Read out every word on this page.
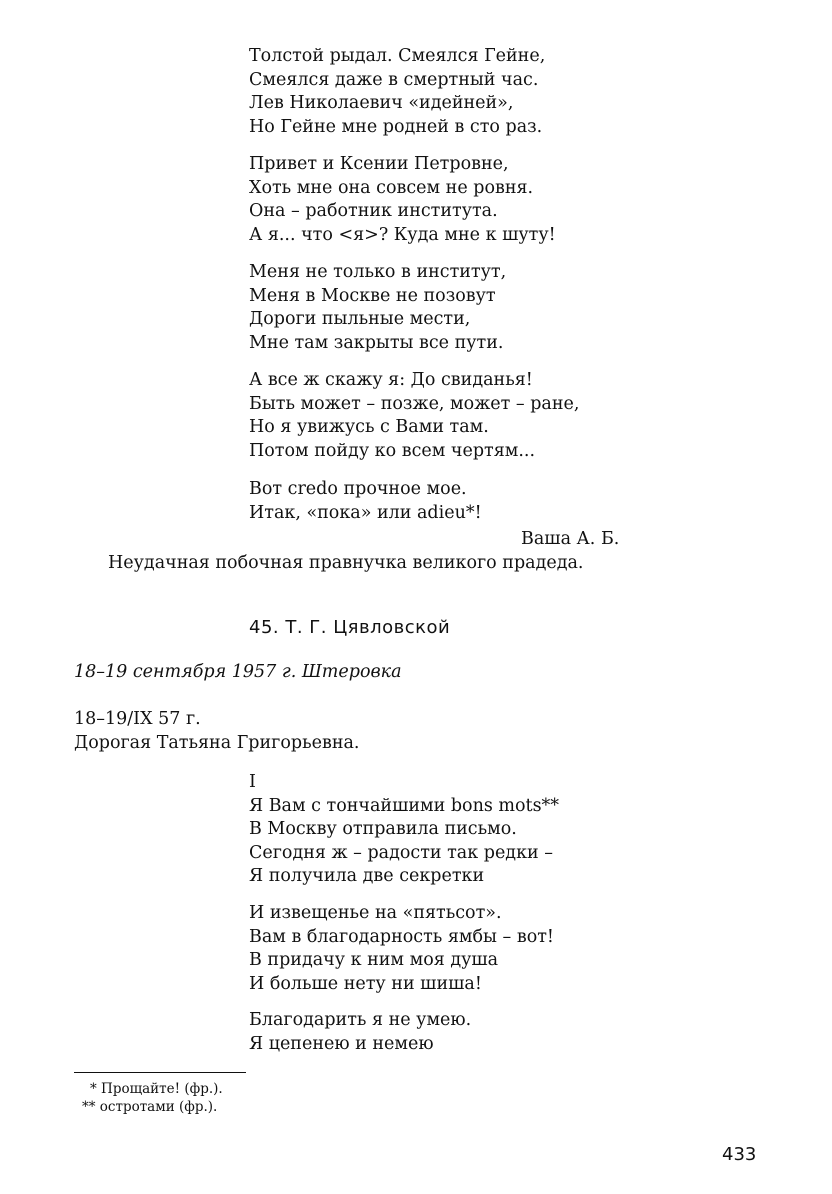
Толстой рыдал. Смеялся Гейне,
Смеялся даже в смертный час.
Лев Николаевич «идейней»,
Но Гейне мне родней в сто раз.
Привет и Ксении Петровне,
Хоть мне она совсем не ровня.
Она – работник института.
А я... что <я>? Куда мне к шуту!
Меня не только в институт,
Меня в Москве не позовут
Дороги пыльные мести,
Мне там закрыты все пути.
А все ж скажу я: До свиданья!
Быть может – позже, может – ране,
Но я увижусь с Вами там.
Потом пойду ко всем чертям...
Вот credo прочное мое.
Итак, «пока» или adieu*!
Ваша А. Б.
Неудачная побочная правнучка великого прадеда.
45. Т. Г. Цявловской
18–19 сентября 1957 г. Штеровка
18–19/IX 57 г.
Дорогая Татьяна Григорьевна.
I
Я Вам с тончайшими bons mots**
В Москву отправила письмо.
Сегодня ж – радости так редки –
Я получила две секретки
И извещенье на «пятьсот».
Вам в благодарность ямбы – вот!
В придачу к ним моя душа
И больше нету ни шиша!
Благодарить я не умею.
Я цепенею и немею
* Прощайте! (фр.).
** остротами (фр.).
433
